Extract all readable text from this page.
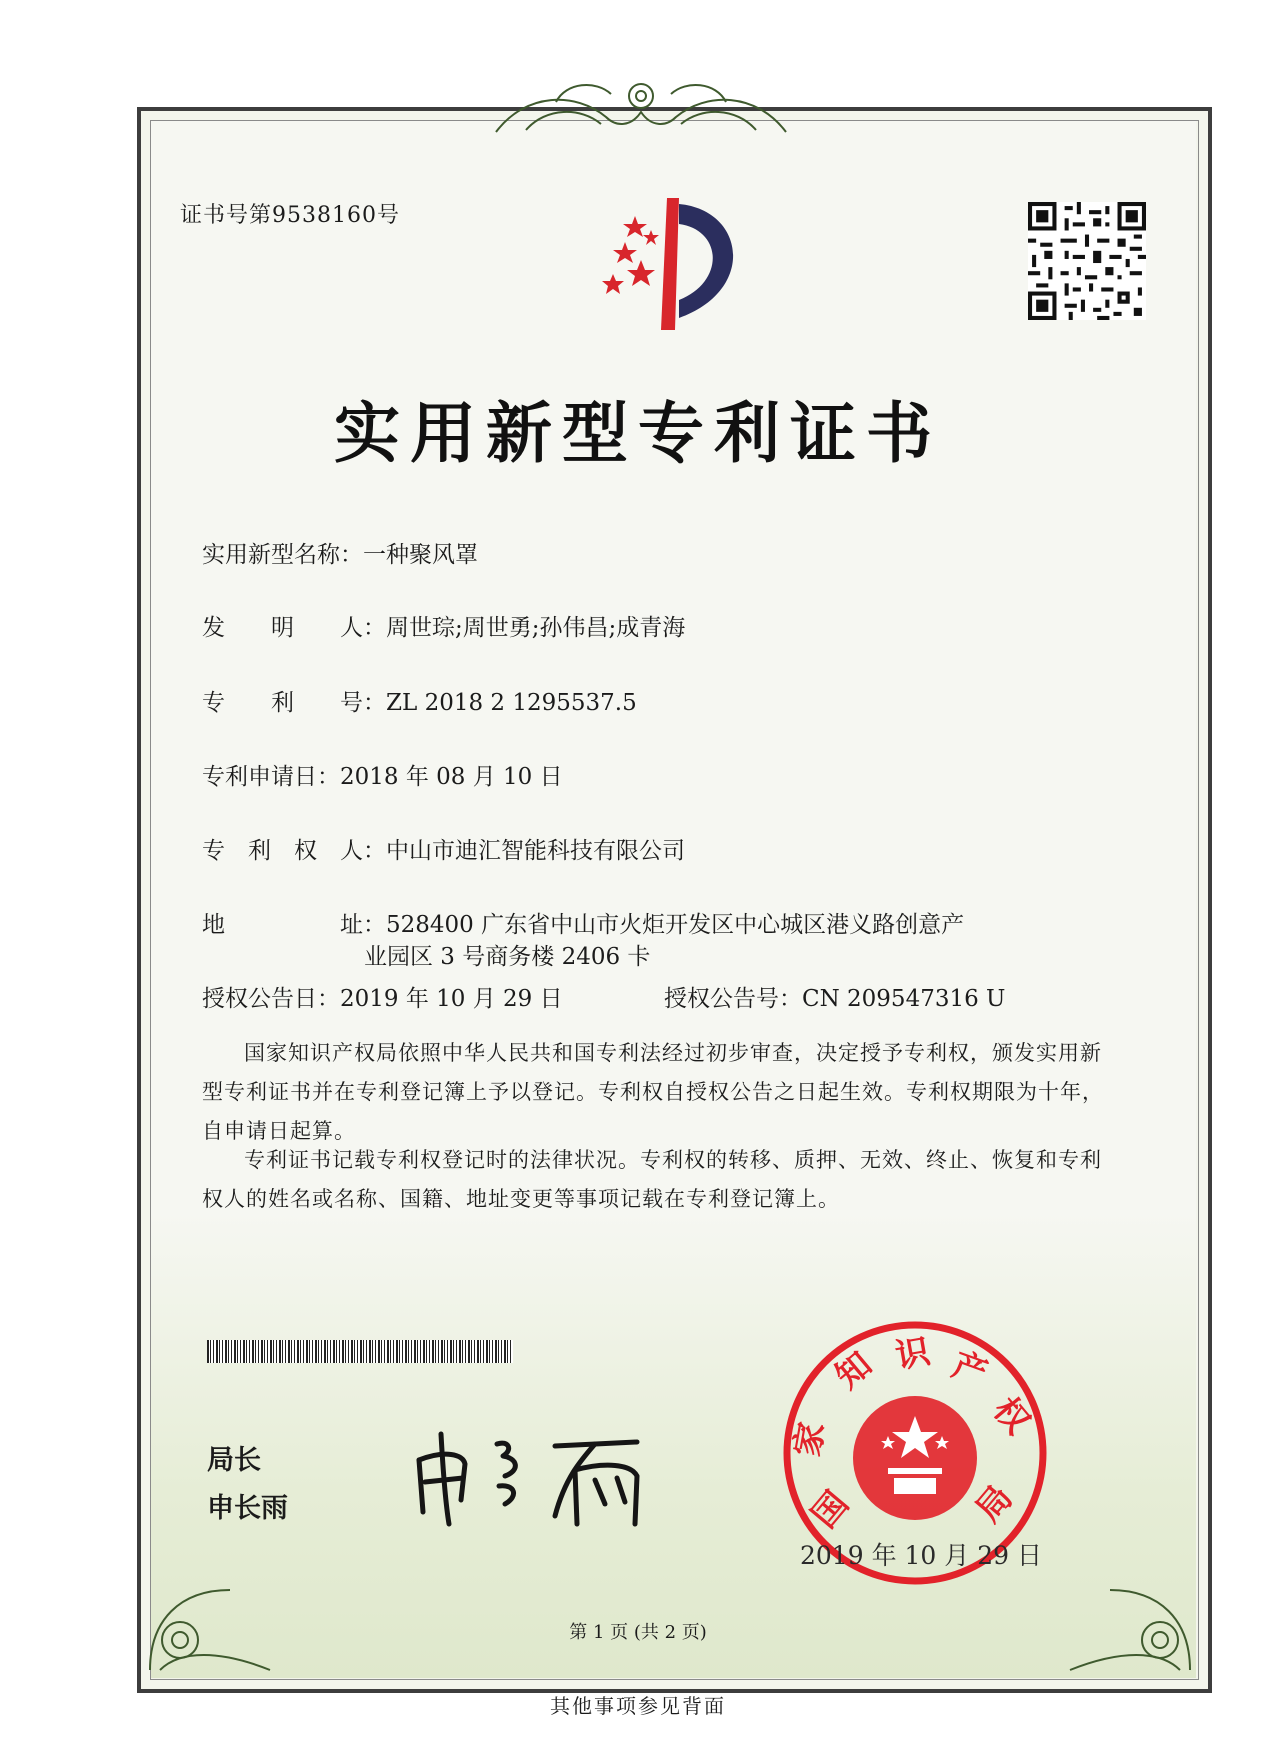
证书号第9538160号
实用新型专利证书
实用新型名称：一种聚风罩
发　　明　　人：周世琮;周世勇;孙伟昌;成青海
专　　利　　号：ZL 2018 2 1295537.5
专利申请日：2018 年 08 月 10 日
专　利　权　人：中山市迪汇智能科技有限公司
地　　　　　址：528400 广东省中山市火炬开发区中心城区港义路创意产
业园区 3 号商务楼 2406 卡
授权公告日：2019 年 10 月 29 日	授权公告号：CN 209547316 U
国家知识产权局依照中华人民共和国专利法经过初步审查，决定授予专利权，颁发实用新型专利证书并在专利登记簿上予以登记。专利权自授权公告之日起生效。专利权期限为十年，自申请日起算。
专利证书记载专利权登记时的法律状况。专利权的转移、质押、无效、终止、恢复和专利权人的姓名或名称、国籍、地址变更等事项记载在专利登记簿上。
局长
申长雨	国
家
知 识 产
权
局
2019 年 10 月 29 日
第 1 页 (共 2 页)
其他事项参见背面
